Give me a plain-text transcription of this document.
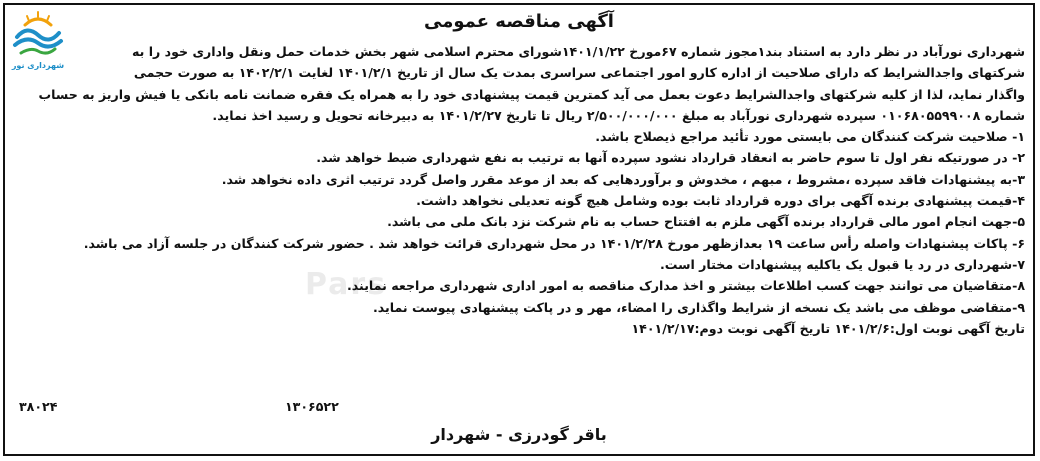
شهرداری نور
آگهی مناقصه عمومی
Pars
شهرداری نورآباد در نظر دارد به استناد بند۱مجوز شماره ۶۷مورخ ۱۴۰۱/۱/۲۲شورای محترم اسلامی شهر بخش خدمات حمل ونقل واداری خود را به
شرکتهای واجدالشرایط که دارای صلاحیت از اداره کارو امور اجتماعی سراسری بمدت یک سال از تاریخ ۱۴۰۱/۲/۱ لغایت ۱۴۰۲/۲/۱ به صورت حجمی
واگذار نماید، لذا از کلیه شرکتهای واجدالشرایط دعوت بعمل می آید کمترین قیمت پیشنهادی خود را به همراه یک فقره ضمانت نامه بانکی یا فیش واریز به حساب
شماره ۰۱۰۶۸۰۵۵۹۹۰۰۸ سپرده شهرداری نورآباد به مبلغ ۲/۵۰۰/۰۰۰/۰۰۰ ریال تا تاریخ ۱۴۰۱/۲/۲۷ به دبیرخانه تحویل و رسید اخذ نماید.
۱- صلاحیت شرکت کنندگان می بایستی مورد تأئید مراجع ذیصلاح باشد.
۲- در صورتیکه نفر اول تا سوم حاضر به انعقاد قرارداد نشود سپرده آنها به ترتیب به نفع شهرداری ضبط خواهد شد.
۳-به پیشنهادات فاقد سپرده ،مشروط ، مبهم ، مخدوش و برآوردهایی که بعد از موعد مقرر واصل گردد ترتیب اثری داده نخواهد شد.
۴-قیمت پیشنهادی برنده آگهی برای دوره قرارداد ثابت بوده وشامل هیچ گونه تعدیلی نخواهد داشت.
۵-جهت انجام امور مالی قرارداد برنده آگهی ملزم به افتتاح حساب به نام شرکت نزد بانک ملی می باشد.
۶- پاکات پیشنهادات واصله رأس ساعت ۱۹ بعدازظهر مورخ ۱۴۰۱/۲/۲۸ در محل شهرداری قرائت خواهد شد . حضور شرکت کنندگان در جلسه آزاد می باشد.
۷-شهرداری در رد یا قبول یک یاکلیه پیشنهادات مختار است.
۸-متقاضیان می توانند جهت کسب اطلاعات بیشتر و اخذ مدارک مناقصه به امور اداری شهرداری مراجعه نمایند.
۹-متقاضی موظف می باشد یک نسخه از شرایط واگذاری را امضاء، مهر و در پاکت پیشنهادی پیوست نماید.
تاریخ آگهی نوبت اول:۱۴۰۱/۲/۶ تاریخ آگهی نوبت دوم:۱۴۰۱/۲/۱۷
۳۸۰۲۴	۱۳۰۶۵۲۲
باقر گودرزی - شهردار
